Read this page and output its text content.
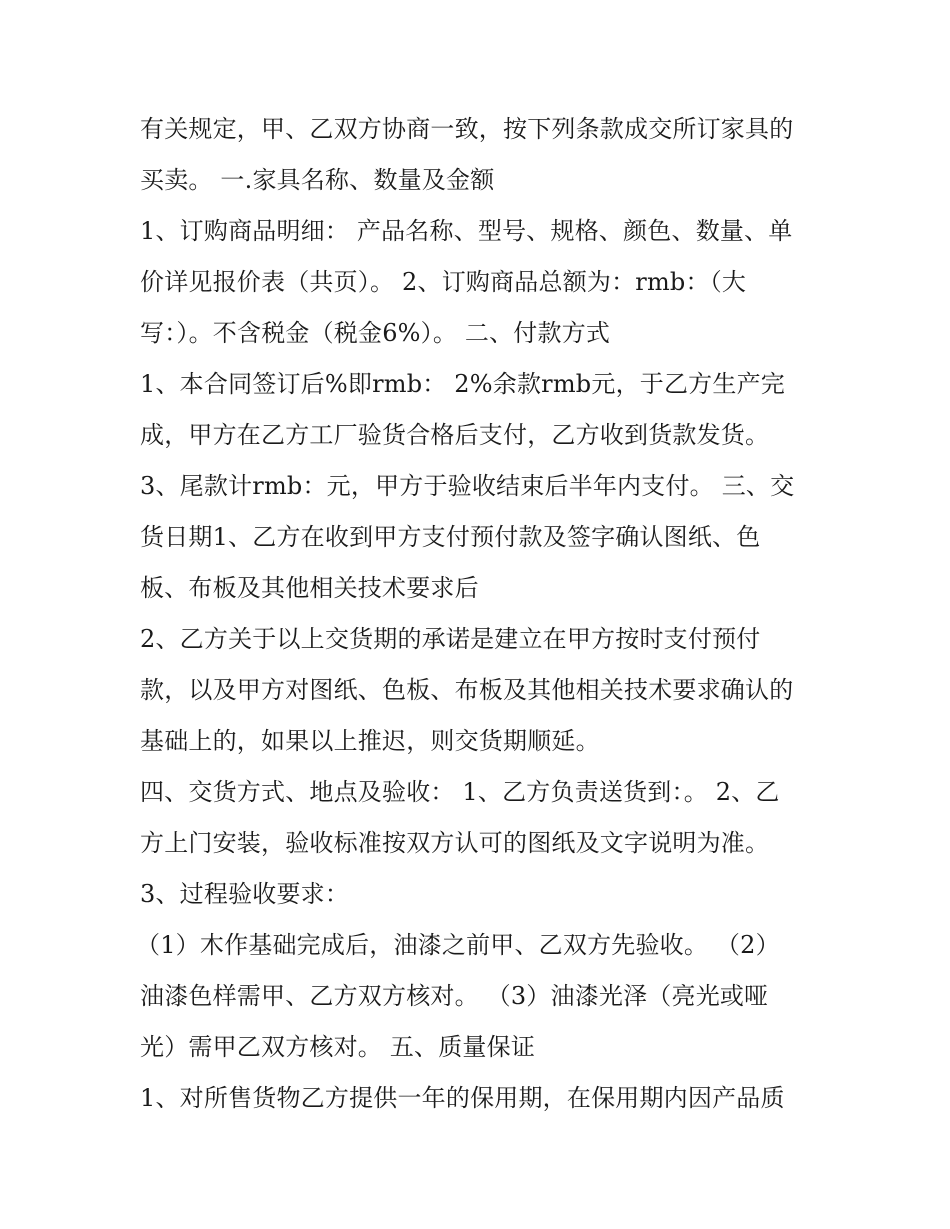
有关规定，甲、乙双方协商一致，按下列条款成交所订家具的
买卖。 一.家具名称、数量及金额
1、订购商品明细： 产品名称、型号、规格、颜色、数量、单
价详见报价表（共页）。 2、订购商品总额为：rmb：（大
写：）。不含税金（税金6%）。 二、付款方式
1、本合同签订后%即rmb： 2%余款rmb元，于乙方生产完
成，甲方在乙方工厂验货合格后支付，乙方收到货款发货。
3、尾款计rmb：元，甲方于验收结束后半年内支付。 三、交
货日期1、乙方在收到甲方支付预付款及签字确认图纸、色
板、布板及其他相关技术要求后
2、乙方关于以上交货期的承诺是建立在甲方按时支付预付
款，以及甲方对图纸、色板、布板及其他相关技术要求确认的
基础上的，如果以上推迟，则交货期顺延。
四、交货方式、地点及验收： 1、乙方负责送货到：。 2、乙
方上门安装，验收标准按双方认可的图纸及文字说明为准。
3、过程验收要求：
（1）木作基础完成后，油漆之前甲、乙双方先验收。 （2）
油漆色样需甲、乙方双方核对。 （3）油漆光泽（亮光或哑
光）需甲乙双方核对。 五、质量保证
1、对所售货物乙方提供一年的保用期，在保用期内因产品质
